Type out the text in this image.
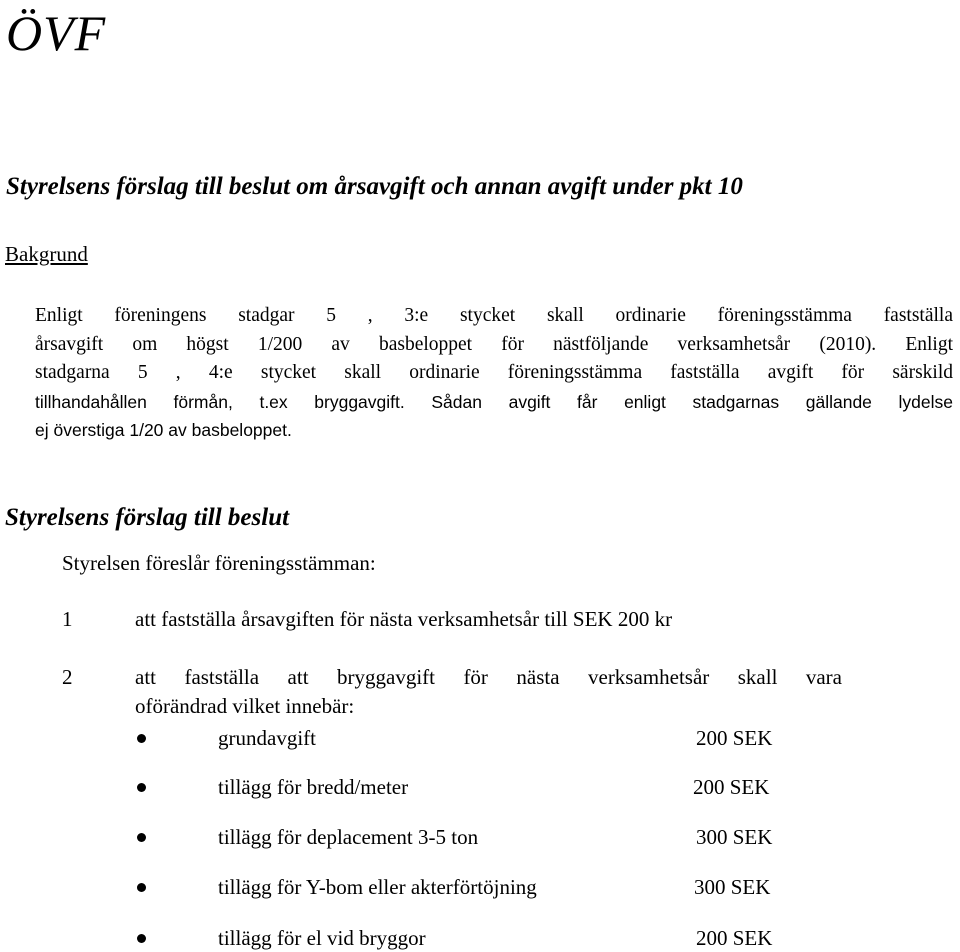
ÖVF
Styrelsens förslag till beslut om årsavgift och annan avgift under pkt 10
Bakgrund
Enligt föreningens stadgar 5 , 3:e stycket skall ordinarie föreningsstämma fastställa
årsavgift om högst 1/200 av basbeloppet för nästföljande verksamhetsår (2010). Enligt
stadgarna 5 , 4:e stycket skall ordinarie föreningsstämma fastställa avgift för särskild
tillhandahållen förmån, t.ex bryggavgift. Sådan avgift får enligt stadgarnas gällande lydelse
ej överstiga 1/20 av basbeloppet.
Styrelsens förslag till beslut
Styrelsen föreslår föreningsstämman:
1	att fastställa årsavgiften för nästa verksamhetsår till SEK 200 kr
2	att fastställa att bryggavgift för nästa verksamhetsår skall vara
oförändrad vilket innebär:
grundavgift	200 SEK
tillägg för bredd/meter	200 SEK
tillägg för deplacement 3-5 ton	300 SEK
tillägg för Y-bom eller akterförtöjning	300 SEK
tillägg för el vid bryggor	200 SEK
